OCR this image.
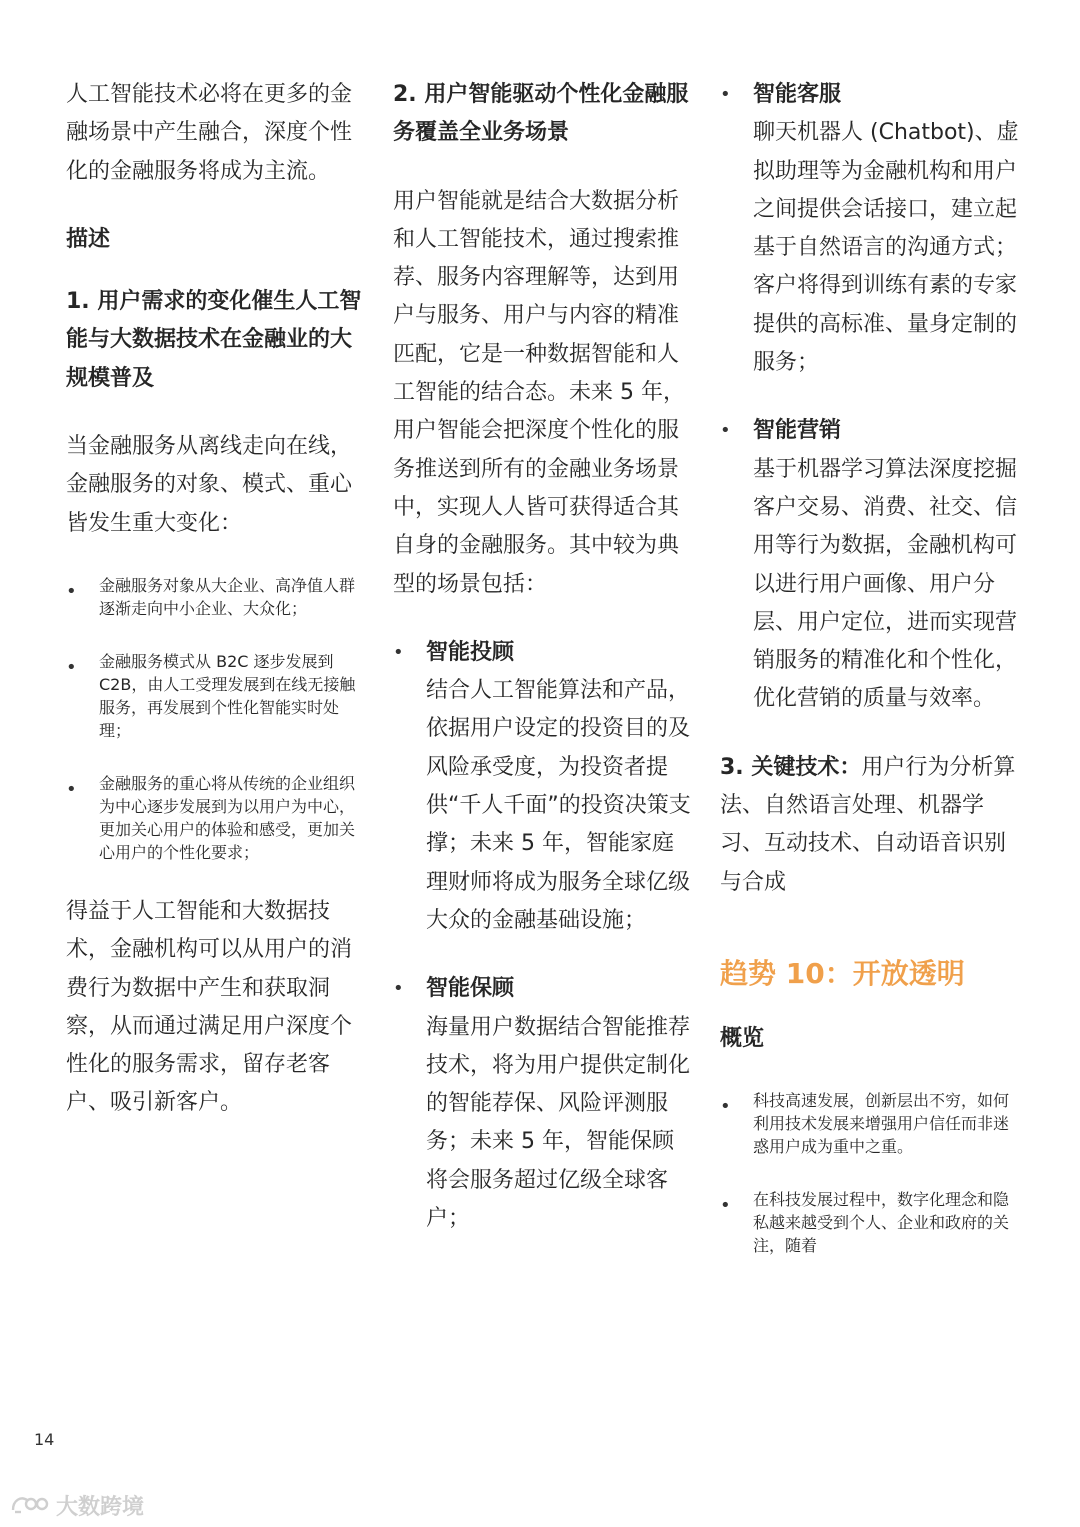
人工智能技术必将在更多的金融场景中产生融合，深度个性化的金融服务将成为主流。

描述

1. 用户需求的变化催生人工智能与大数据技术在金融业的大规模普及

当金融服务从离线走向在线，金融服务的对象、模式、重心皆发生重大变化：

• 金融服务对象从大企业、高净值人群逐渐走向中小企业、大众化；
• 金融服务模式从 B2C 逐步发展到 C2B，由人工受理发展到在线无接触服务，再发展到个性化智能实时处理；
• 金融服务的重心将从传统的企业组织为中心逐步发展到为以用户为中心，更加关心用户的体验和感受，更加关心用户的个性化要求；

得益于人工智能和大数据技术，金融机构可以从用户的消费行为数据中产生和获取洞察，从而通过满足用户深度个性化的服务需求，留存老客户、吸引新客户。

2. 用户智能驱动个性化金融服务覆盖全业务场景

用户智能就是结合大数据分析和人工智能技术，通过搜索推荐、服务内容理解等，达到用户与服务、用户与内容的精准匹配，它是一种数据智能和人工智能的结合态。未来 5 年，用户智能会把深度个性化的服务推送到所有的金融业务场景中，实现人人皆可获得适合其自身的金融服务。其中较为典型的场景包括：

• 智能投顾

结合人工智能算法和产品，依据用户设定的投资目的及风险承受度，为投资者提供“千人千面”的投资决策支撑；未来 5 年，智能家庭理财师将成为服务全球亿级大众的金融基础设施；

• 智能保顾

海量用户数据结合智能推荐技术，将为用户提供定制化的智能荐保、风险评测服务；未来 5 年，智能保顾将会服务超过亿级全球客户；

• 智能客服

聊天机器人 (Chatbot)、虚拟助理等为金融机构和用户之间提供会话接口，建立起基于自然语言的沟通方式；客户将得到训练有素的专家提供的高标准、量身定制的服务；

• 智能营销

基于机器学习算法深度挖掘客户交易、消费、社交、信用等行为数据，金融机构可以进行用户画像、用户分层、用户定位，进而实现营销服务的精准化和个性化，优化营销的质量与效率。

3. 关键技术：用户行为分析算法、自然语言处理、机器学习、互动技术、自动语音识别与合成

趋势 10：开放透明

概览

• 科技高速发展，创新层出不穷，如何利用技术发展来增强用户信任而非迷惑用户成为重中之重。
• 在科技发展过程中，数字化理念和隐私越来越受到个人、企业和政府的关注，随着
14
大数跨境
